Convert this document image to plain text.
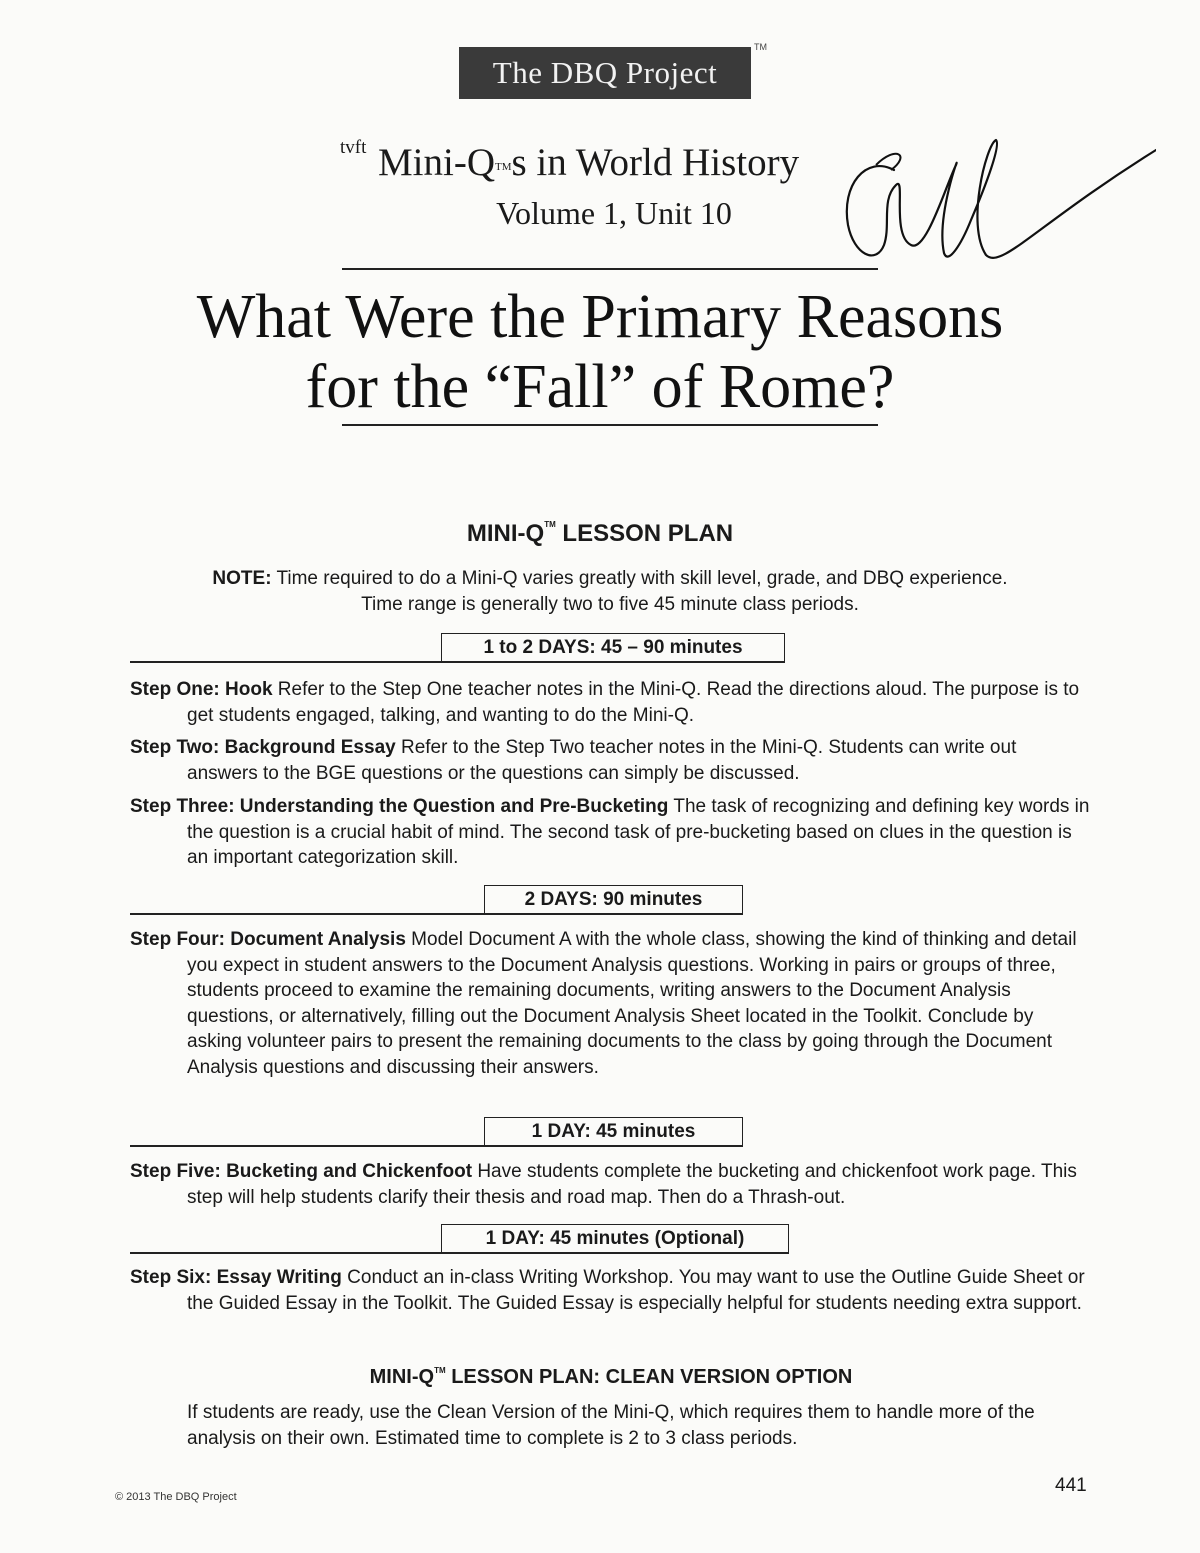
The DBQ Project
TM
tvft Mini-Q™s in World History
Volume 1, Unit 10
What Were the Primary Reasons
for the “Fall” of Rome?
MINI-Q™ LESSON PLAN
NOTE: Time required to do a Mini-Q varies greatly with skill level, grade, and DBQ experience.
Time range is generally two to five 45 minute class periods.
1 to 2 DAYS: 45 – 90 minutes
Step One: Hook Refer to the Step One teacher notes in the Mini-Q. Read the directions aloud. The purpose is to get students engaged, talking, and wanting to do the Mini-Q.
Step Two: Background Essay Refer to the Step Two teacher notes in the Mini-Q. Students can write out answers to the BGE questions or the questions can simply be discussed.
Step Three: Understanding the Question and Pre-Bucketing The task of recognizing and defining key words in the question is a crucial habit of mind. The second task of pre-bucketing based on clues in the question is an important categorization skill.
2 DAYS: 90 minutes
Step Four: Document Analysis Model Document A with the whole class, showing the kind of thinking and detail you expect in student answers to the Document Analysis questions. Working in pairs or groups of three, students proceed to examine the remaining documents, writing answers to the Document Analysis questions, or alternatively, filling out the Document Analysis Sheet located in the Toolkit. Conclude by asking volunteer pairs to present the remaining documents to the class by going through the Document Analysis questions and discussing their answers.
1 DAY: 45 minutes
Step Five: Bucketing and Chickenfoot Have students complete the bucketing and chickenfoot work page. This step will help students clarify their thesis and road map. Then do a Thrash-out.
1 DAY: 45 minutes (Optional)
Step Six: Essay Writing Conduct an in-class Writing Workshop. You may want to use the Outline Guide Sheet or the Guided Essay in the Toolkit. The Guided Essay is especially helpful for students needing extra support.
MINI-Q™ LESSON PLAN: CLEAN VERSION OPTION
If students are ready, use the Clean Version of the Mini-Q, which requires them to handle more of the analysis on their own. Estimated time to complete is 2 to 3 class periods.
© 2013 The DBQ Project
441
